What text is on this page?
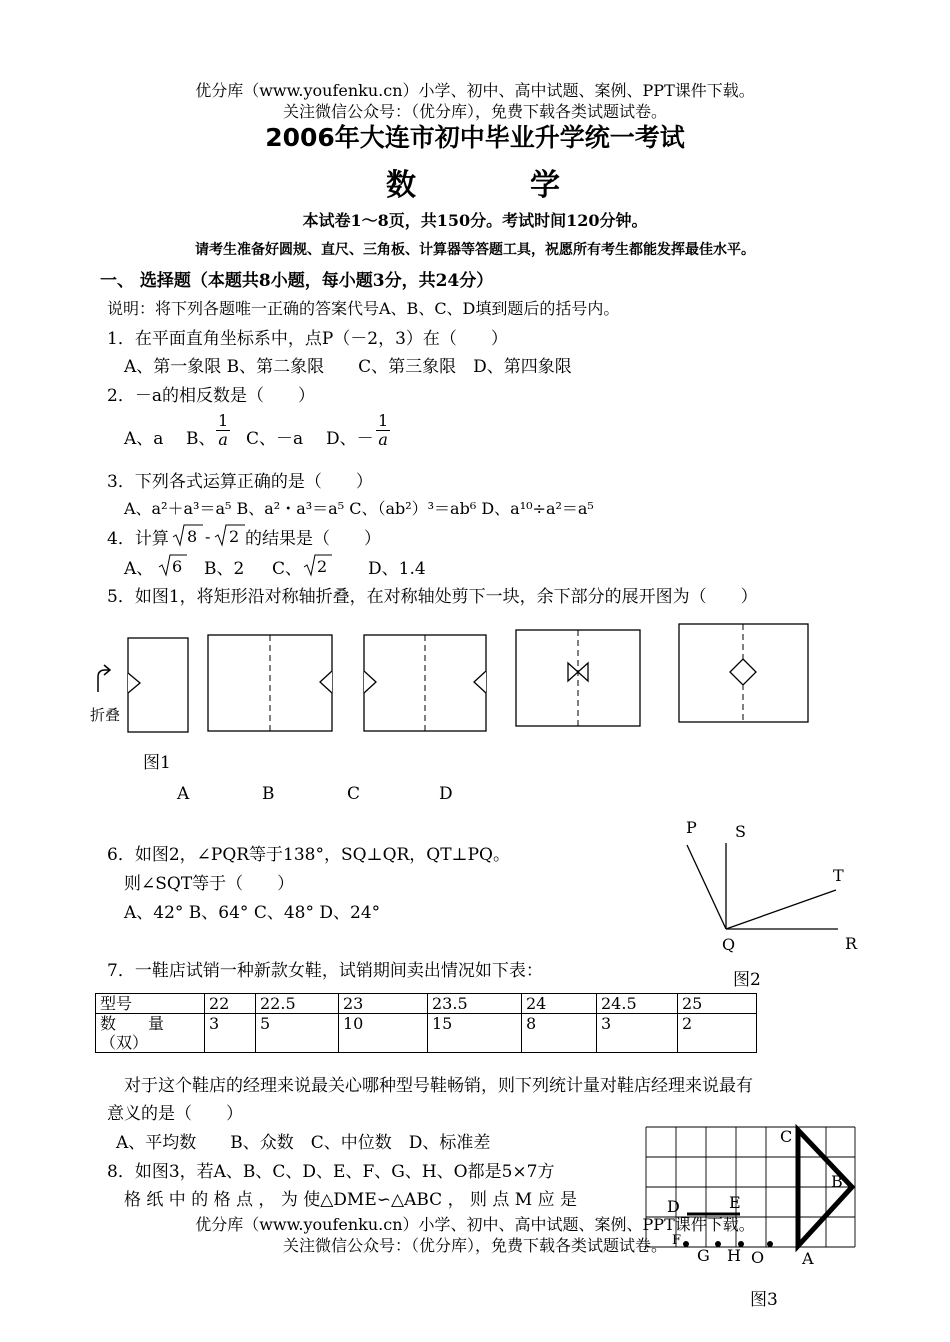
优分库（www.youfenku.cn）小学、初中、高中试题、案例、PPT课件下载。
关注微信公众号：（优分库），免费下载各类试题试卷。
2006年大连市初中毕业升学统一考试
数	学
本试卷1～8页，共150分。考试时间120分钟。
请考生准备好圆规、直尺、三角板、计算器等答题工具，祝愿所有考生都能发挥最佳水平。
一、 选择题（本题共8小题，每小题3分，共24分）
说明：将下列各题唯一正确的答案代号A、B、C、D填到题后的括号内。
1．在平面直角坐标系中，点P（－2，3）在（　　）
A、第一象限 B、第二象限　　C、第三象限　D、第四象限
2．－a的相反数是（　　）
A、a B、 $\frac{1}{a}$ C、－a D、－ $\frac{1}{a}$
3．下列各式运算正确的是（　　）
A、a²＋a³＝a⁵ B、a²・a³＝a⁵ C、（ab²）³＝ab⁶ D、a¹⁰÷a²＝a⁵
4．计算 8 - 2 的结果是（　　）
A、 6 B、2 C、 2 D、1.4
5．如图1，将矩形沿对称轴折叠，在对称轴处剪下一块，余下部分的展开图为（　　）
折叠
图1
A	B	C	D
6．如图2，∠PQR等于138°，SQ⊥QR，QT⊥PQ。
则∠SQT等于（　　）
A、42° B、64° C、48° D、24°
P S
T
Q	R
图2
7．一鞋店试销一种新款女鞋，试销期间卖出情况如下表：
型号	22	22.5	23	23.5	24	24.5	25

数　　量
（双）	3	5	10	15	8	3	2
对于这个鞋店的经理来说最关心哪种型号鞋畅销，则下列统计量对鞋店经理来说最有
意义的是（　　）
A、平均数　　B、众数　C、中位数　D、标准差
8．如图3，若A、B、C、D、E、F、G、H、O都是5×7方
格 纸 中 的 格 点 ， 为 使△DME∽△ABC ， 则 点 M 应 是
C
B
D	E
F
G H O A
图3
优分库（www.youfenku.cn）小学、初中、高中试题、案例、PPT课件下载。
关注微信公众号：（优分库），免费下载各类试题试卷。
